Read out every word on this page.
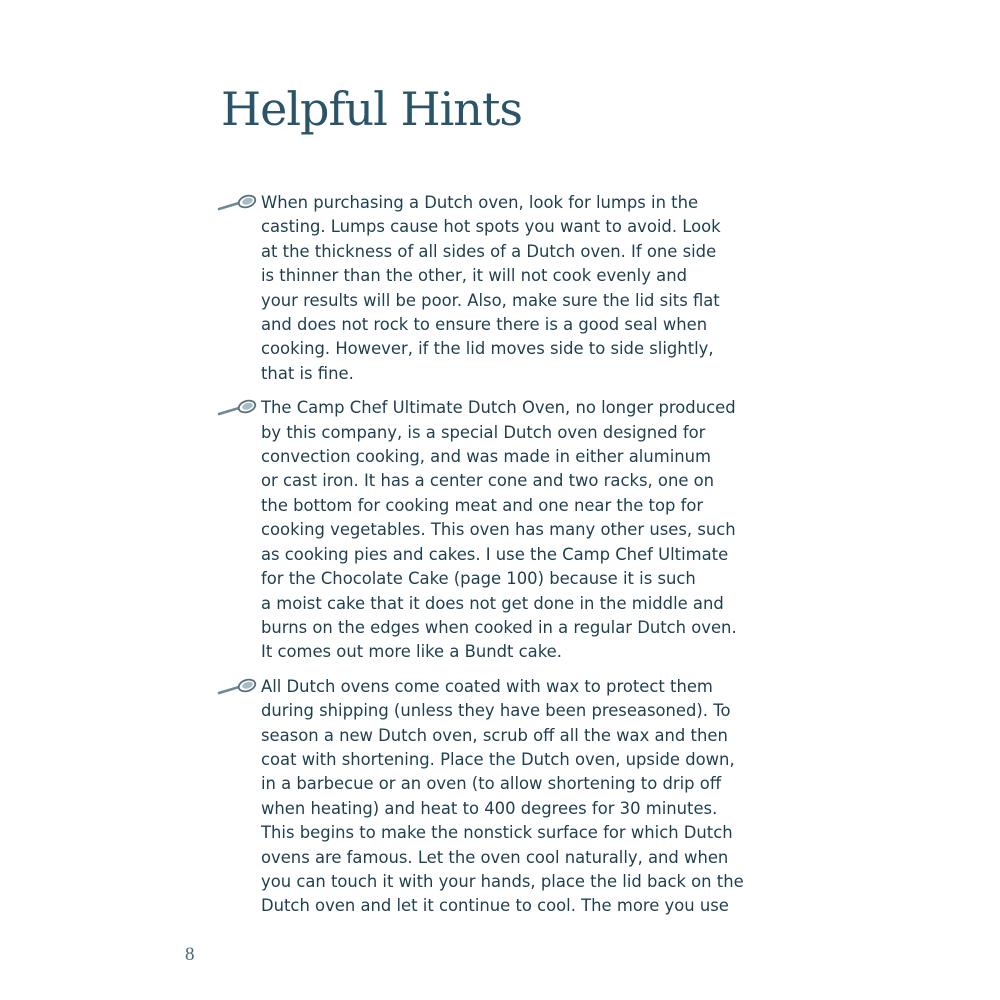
Helpful Hints

When purchasing a Dutch oven, look for lumps in the
casting. Lumps cause hot spots you want to avoid. Look
at the thickness of all sides of a Dutch oven. If one side
is thinner than the other, it will not cook evenly and
your results will be poor. Also, make sure the lid sits flat
and does not rock to ensure there is a good seal when
cooking. However, if the lid moves side to side slightly,
that is fine.

The Camp Chef Ultimate Dutch Oven, no longer produced
by this company, is a special Dutch oven designed for
convection cooking, and was made in either aluminum
or cast iron. It has a center cone and two racks, one on
the bottom for cooking meat and one near the top for
cooking vegetables. This oven has many other uses, such
as cooking pies and cakes. I use the Camp Chef Ultimate
for the Chocolate Cake (page 100) because it is such
a moist cake that it does not get done in the middle and
burns on the edges when cooked in a regular Dutch oven.
It comes out more like a Bundt cake.

All Dutch ovens come coated with wax to protect them
during shipping (unless they have been preseasoned). To
season a new Dutch oven, scrub off all the wax and then
coat with shortening. Place the Dutch oven, upside down,
in a barbecue or an oven (to allow shortening to drip off
when heating) and heat to 400 degrees for 30 minutes.
This begins to make the nonstick surface for which Dutch
ovens are famous. Let the oven cool naturally, and when
you can touch it with your hands, place the lid back on the
Dutch oven and let it continue to cool. The more you use

8
